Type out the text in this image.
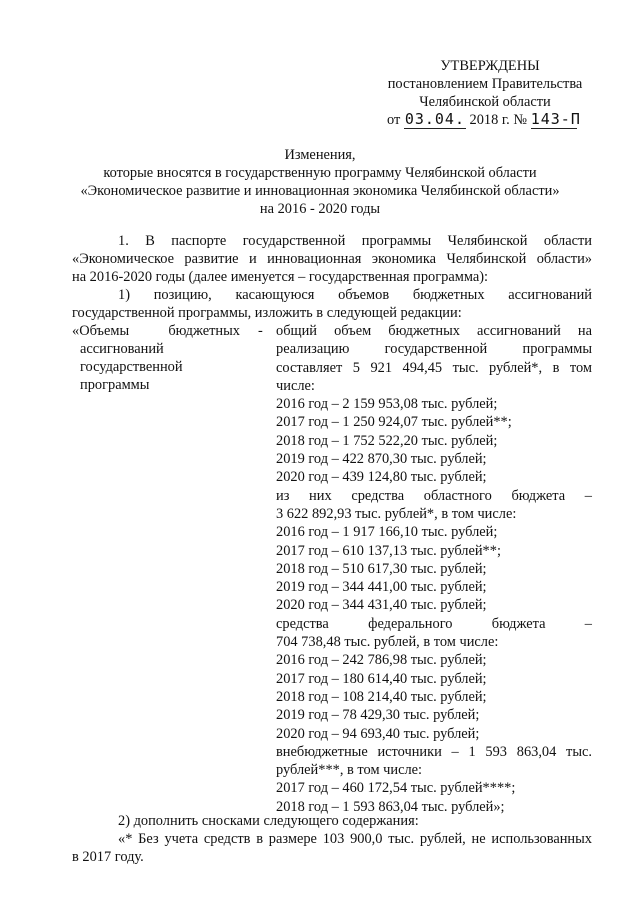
УТВЕРЖДЕНЫ
постановлением Правительства
Челябинской области
от 03.04. 2018 г. № 143-П
Изменения,
которые вносятся в государственную программу Челябинской области
«Экономическое развитие и инновационная экономика Челябинской области»
на 2016 - 2020 годы
1. В паспорте государственной программы Челябинской области
«Экономическое развитие и инновационная экономика Челябинской области»
на 2016-2020 годы (далее именуется – государственная программа):
1) позицию, касающуюся объемов бюджетных ассигнований
государственной программы, изложить в следующей редакции:
«Объемы бюджетных
ассигнований
государственной
программы
- общий объем бюджетных ассигнований на
реализацию государственной программы
составляет 5 921 494,45 тыс. рублей*, в том
числе:
2016 год – 2 159 953,08 тыс. рублей;
2017 год – 1 250 924,07 тыс. рублей**;
2018 год – 1 752 522,20 тыс. рублей;
2019 год – 422 870,30 тыс. рублей;
2020 год – 439 124,80 тыс. рублей;
из них средства областного бюджета –
3 622 892,93 тыс. рублей*, в том числе:
2016 год – 1 917 166,10 тыс. рублей;
2017 год – 610 137,13 тыс. рублей**;
2018 год – 510 617,30 тыс. рублей;
2019 год – 344 441,00 тыс. рублей;
2020 год – 344 431,40 тыс. рублей;
средства федерального бюджета –
704 738,48 тыс. рублей, в том числе:
2016 год – 242 786,98 тыс. рублей;
2017 год – 180 614,40 тыс. рублей;
2018 год – 108 214,40 тыс. рублей;
2019 год – 78 429,30 тыс. рублей;
2020 год – 94 693,40 тыс. рублей;
внебюджетные источники – 1 593 863,04 тыс.
рублей***, в том числе:
2017 год – 460 172,54 тыс. рублей****;
2018 год – 1 593 863,04 тыс. рублей»;
2) дополнить сносками следующего содержания:
«* Без учета средств в размере 103 900,0 тыс. рублей, не использованных
в 2017 году.
